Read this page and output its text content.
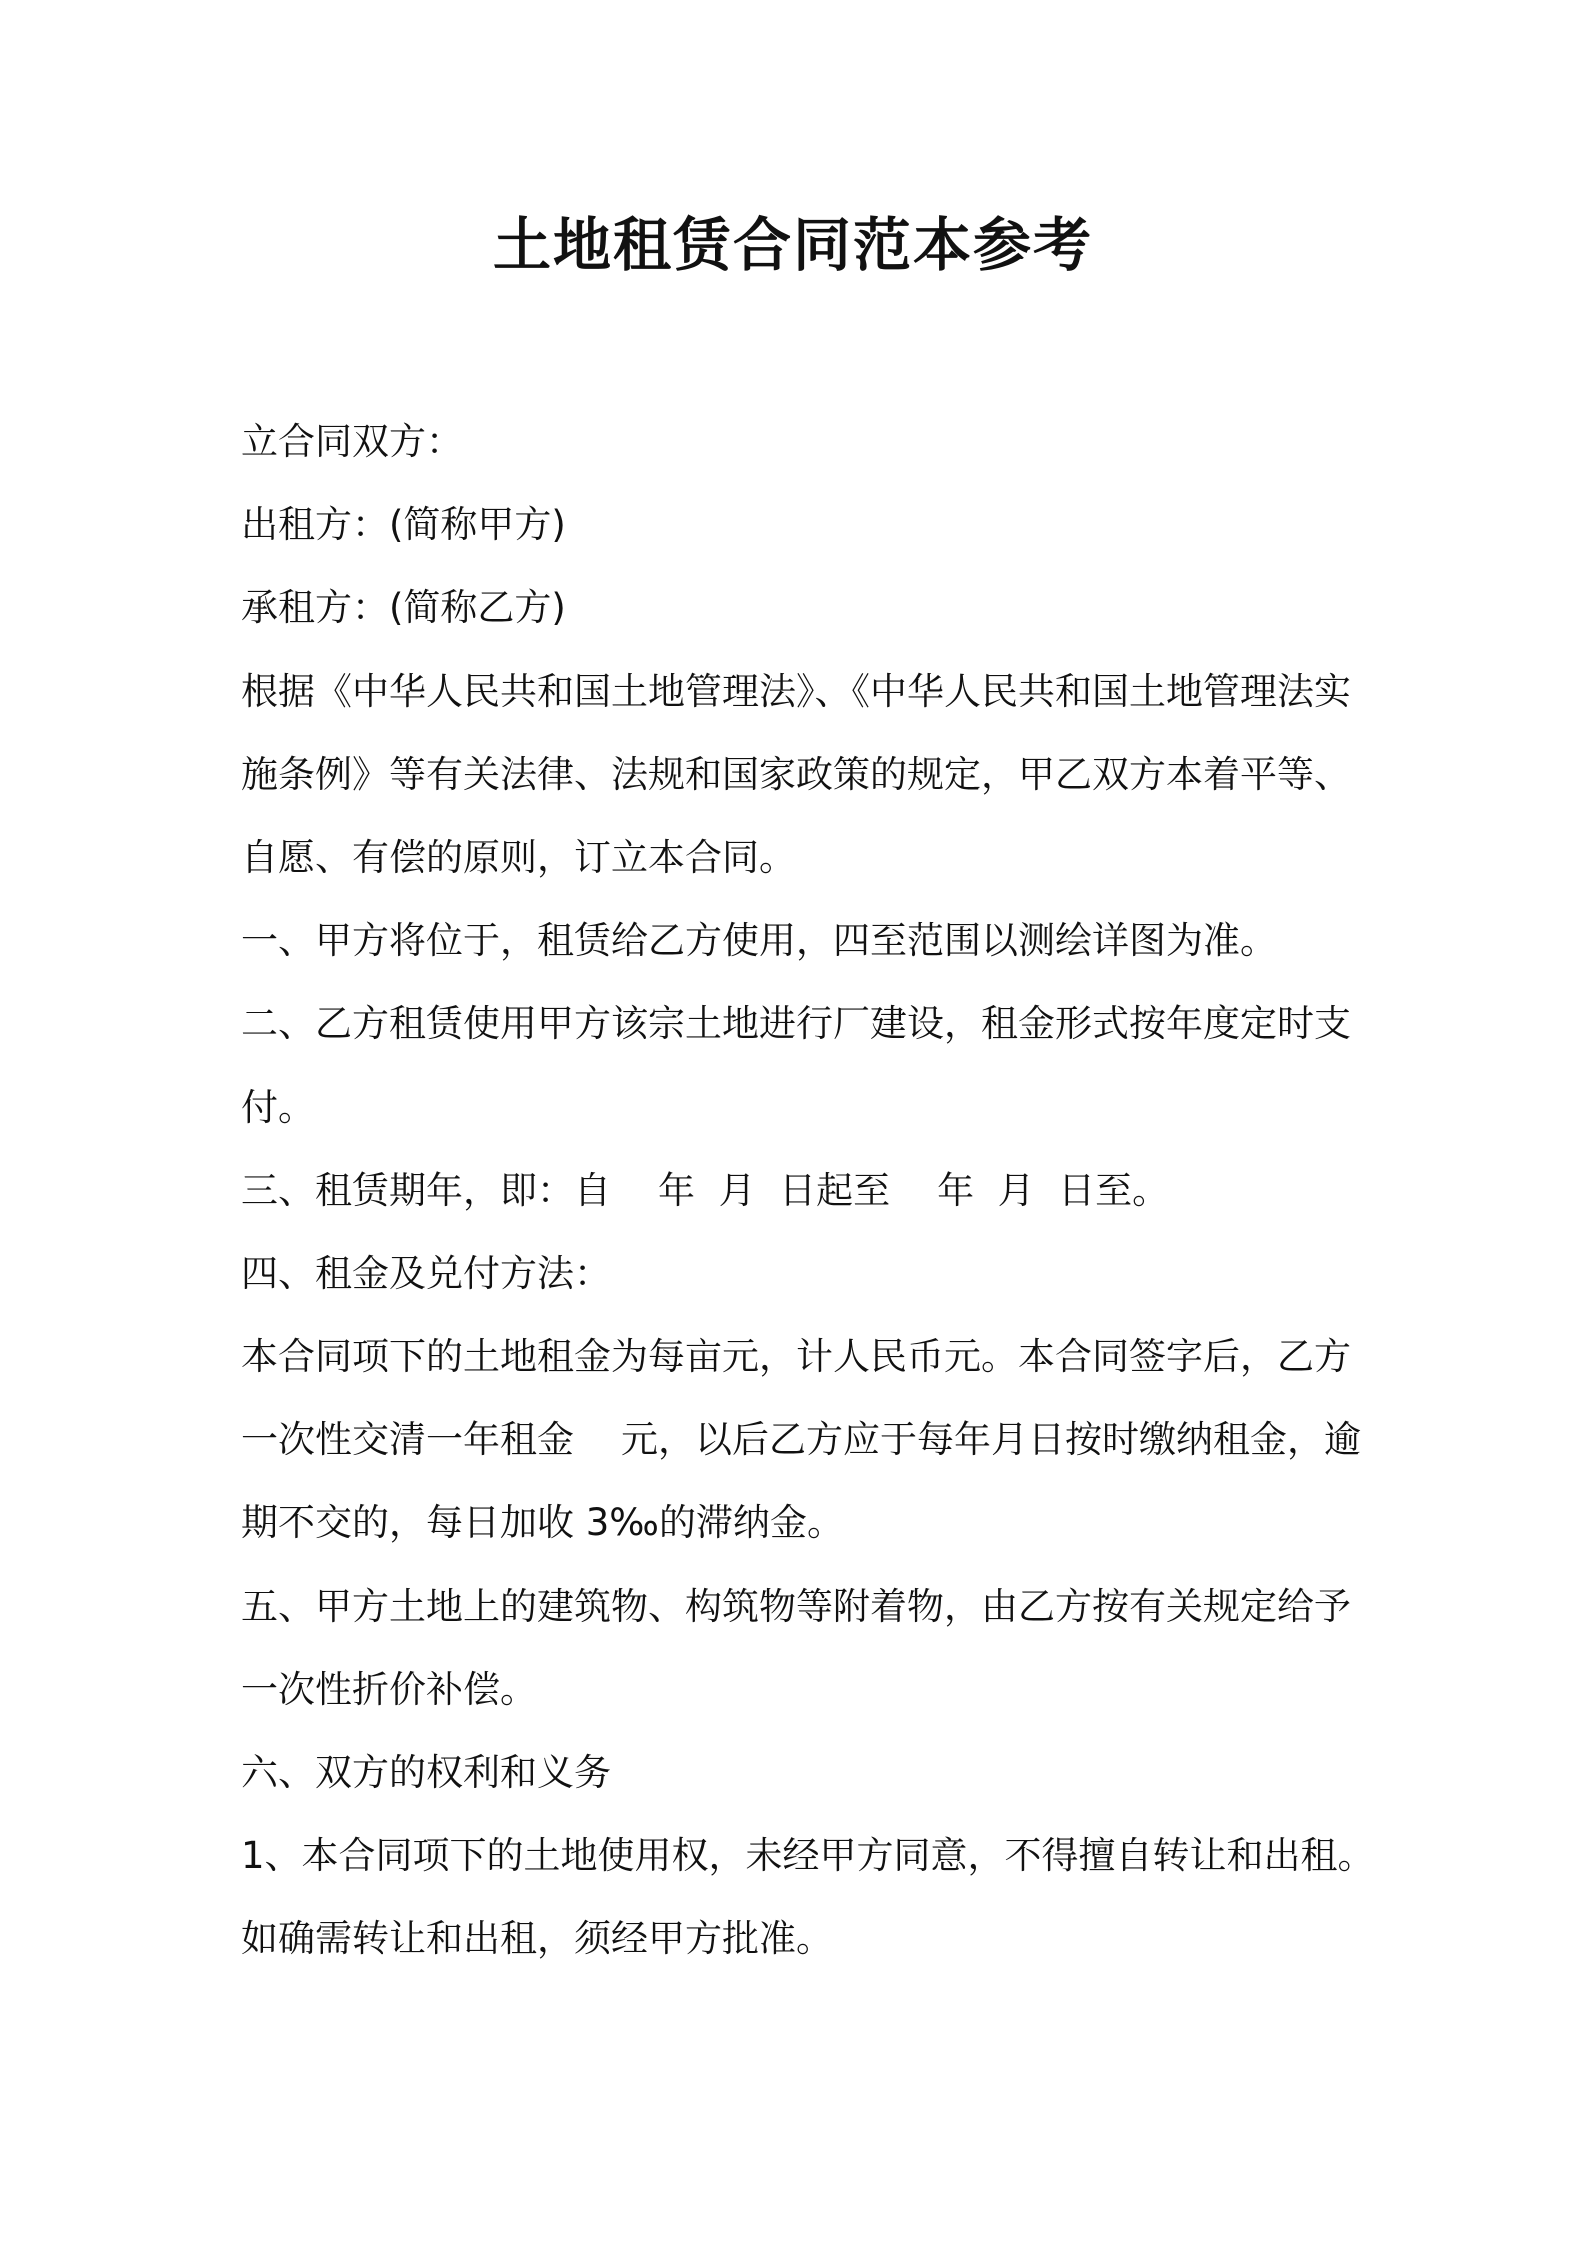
土地租赁合同范本参考

立合同双方：

出租方：(简称甲方)

承租方：(简称乙方)

根据《中华人民共和国土地管理法》、《中华人民共和国土地管理法实

施条例》等有关法律、法规和国家政策的规定，甲乙双方本着平等、

自愿、有偿的原则，订立本合同。

一、甲方将位于，租赁给乙方使用，四至范围以测绘详图为准。

二、乙方租赁使用甲方该宗土地进行厂建设，租金形式按年度定时支

付。

三、租赁期年，即：自    年  月  日起至    年  月  日至。

四、租金及兑付方法：

本合同项下的土地租金为每亩元，计人民币元。本合同签字后，乙方

一次性交清一年租金    元，以后乙方应于每年月日按时缴纳租金，逾

期不交的，每日加收 3‰的滞纳金。

五、甲方土地上的建筑物、构筑物等附着物，由乙方按有关规定给予

一次性折价补偿。

六、双方的权利和义务

1、本合同项下的土地使用权，未经甲方同意，不得擅自转让和出租。

如确需转让和出租，须经甲方批准。
